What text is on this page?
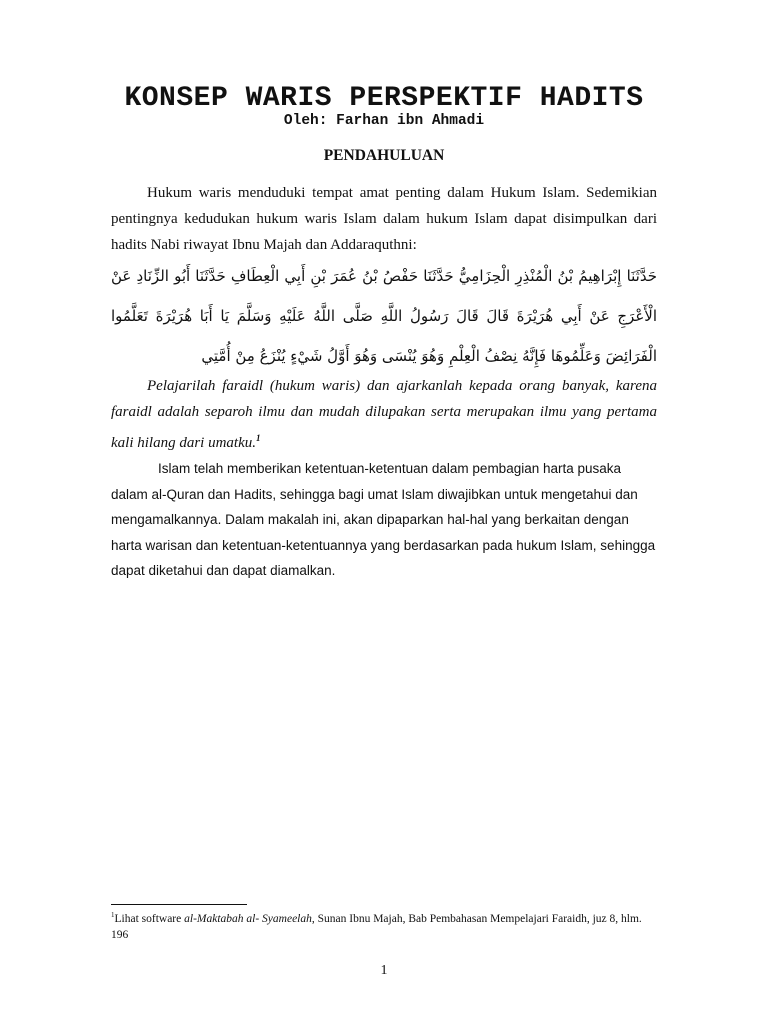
KONSEP WARIS PERSPEKTIF HADITS
Oleh: Farhan ibn Ahmadi
PENDAHULUAN

Hukum waris menduduki tempat amat penting dalam Hukum Islam. Sedemikian pentingnya kedudukan hukum waris Islam dalam hukum Islam dapat disimpulkan dari hadits Nabi riwayat Ibnu Majah dan Addaraquthni:

حَدَّثَنَا إِبْرَاهِيمُ بْنُ الْمُنْذِرِ الْحِزَامِيُّ حَدَّثَنَا حَفْصُ بْنُ عُمَرَ بْنِ أَبِي الْعِطَافِ حَدَّثَنَا أَبُو الزِّنَادِ عَنْ الْأَعْرَجِ عَنْ أَبِي هُرَيْرَةَ قَالَ قَالَ رَسُولُ اللَّهِ صَلَّى اللَّهُ عَلَيْهِ وَسَلَّمَ يَا أَبَا هُرَيْرَةَ تَعَلَّمُوا الْفَرَائِضَ وَعَلِّمُوهَا فَإِنَّهُ نِصْفُ الْعِلْمِ وَهُوَ يُنْسَى وَهُوَ أَوَّلُ شَيْءٍ يُنْزَعُ مِنْ أُمَّتِي

Pelajarilah faraidl (hukum waris) dan ajarkanlah kepada orang banyak, karena faraidl adalah separoh ilmu dan mudah dilupakan serta merupakan ilmu yang pertama kali hilang dari umatku.$^1$

Islam telah memberikan ketentuan-ketentuan dalam pembagian harta pusaka dalam al-Quran dan Hadits, sehingga bagi umat Islam diwajibkan untuk mengetahui dan mengamalkannya. Dalam makalah ini, akan dipaparkan hal-hal yang berkaitan dengan harta warisan dan ketentuan-ketentuannya yang berdasarkan pada hukum Islam, sehingga dapat diketahui dan dapat diamalkan.

$^1$Lihat software al-Maktabah al- Syameelah, Sunan Ibnu Majah, Bab Pembahasan Mempelajari Faraidh, juz 8, hlm. 196
1
